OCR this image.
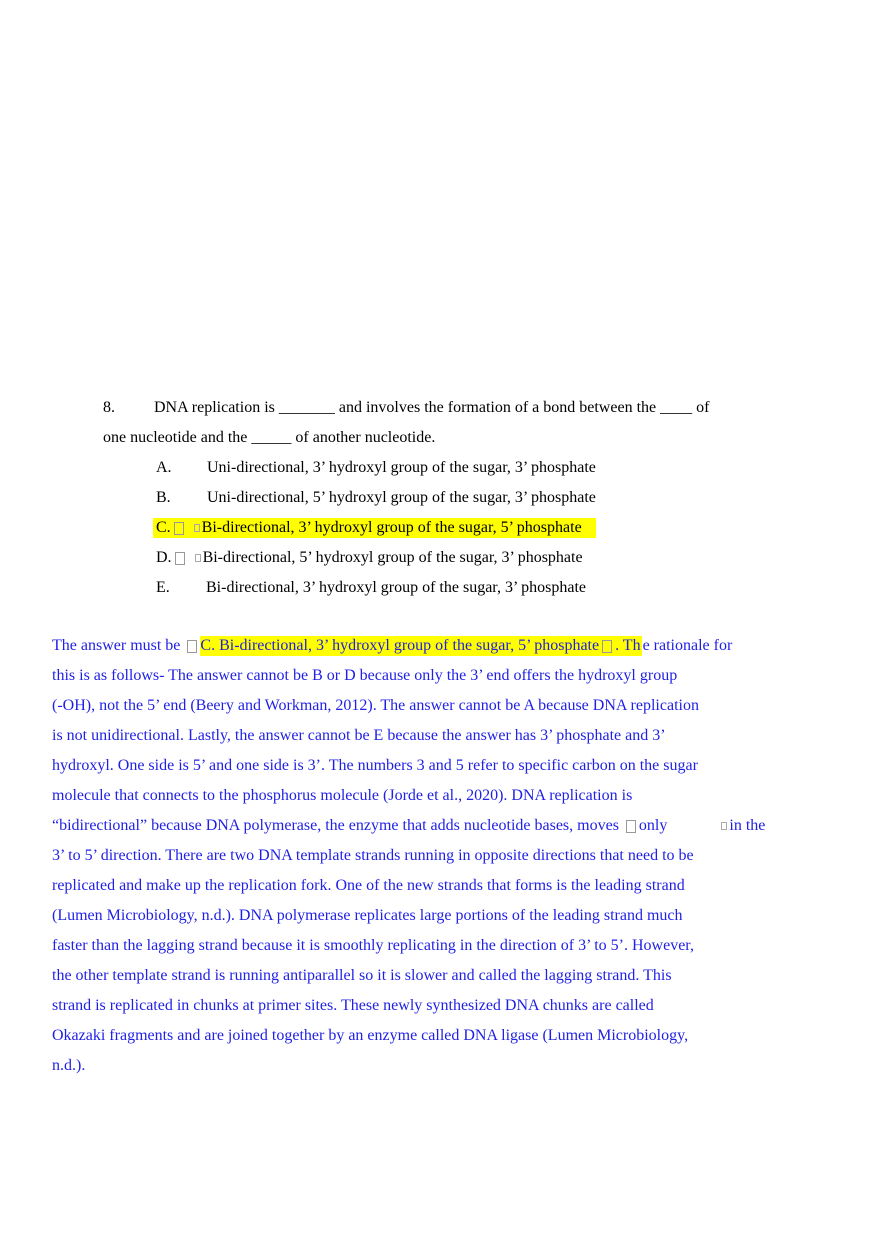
8. DNA replication is _______ and involves the formation of a bond between the ____ of
one nucleotide and the _____ of another nucleotide.
A. Uni-directional, 3’ hydroxyl group of the sugar, 3’ phosphate
B. Uni-directional, 5’ hydroxyl group of the sugar, 3’ phosphate
C. Bi-directional, 3’ hydroxyl group of the sugar, 5’ phosphate
D. Bi-directional, 5’ hydroxyl group of the sugar, 3’ phosphate
E. Bi-directional, 3’ hydroxyl group of the sugar, 3’ phosphate
The answer must be C. Bi-directional, 3’ hydroxyl group of the sugar, 5’ phosphate . Th e rationale for
this is as follows- The answer cannot be B or D because only the 3’ end offers the hydroxyl group
(-OH), not the 5’ end (Beery and Workman, 2012). The answer cannot be A because DNA replication
is not unidirectional. Lastly, the answer cannot be E because the answer has 3’ phosphate and 3’
hydroxyl. One side is 5’ and one side is 3’. The numbers 3 and 5 refer to specific carbon on the sugar
molecule that connects to the phosphorus molecule (Jorde et al., 2020). DNA replication is
“bidirectional” because DNA polymerase, the enzyme that adds nucleotide bases, moves only	in the
3’ to 5’ direction. There are two DNA template strands running in opposite directions that need to be
replicated and make up the replication fork. One of the new strands that forms is the leading strand
(Lumen Microbiology, n.d.). DNA polymerase replicates large portions of the leading strand much
faster than the lagging strand because it is smoothly replicating in the direction of 3’ to 5’. However,
the other template strand is running antiparallel so it is slower and called the lagging strand. This
strand is replicated in chunks at primer sites. These newly synthesized DNA chunks are called
Okazaki fragments and are joined together by an enzyme called DNA ligase (Lumen Microbiology,
n.d.).
